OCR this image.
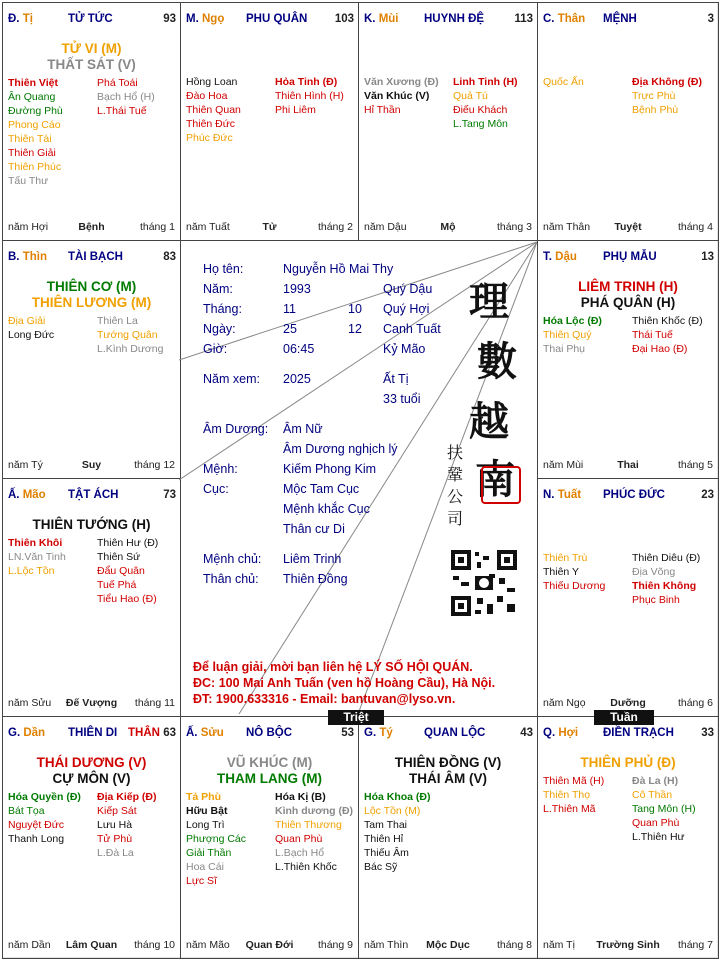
Đ. Tị	TỬ TỨC	93
TỬ VI (M)
THẤT SÁT (V)
Thiên Việt
Ân Quang
Đường Phù
Phong Cáo
Thiên Tài
Thiên Giải
Thiên Phúc
Tấu Thư
Phá Toái
Bạch Hổ (H)
L.Thái Tuế
năm Hợi	Bệnh	tháng 1
M. Ngọ PHU QUÂN 103
Hồng Loan
Đào Hoa
Thiên Quan
Thiên Đức
Phúc Đức
Hỏa Tinh (Đ)
Thiên Hình (H)
Phi Liêm
năm Tuất	Tử	tháng 2
K. Mùi HUYNH ĐỆ	113
Văn Xương (Đ)
Văn Khúc (V)
Hỉ Thần
Linh Tinh (H)
Quả Tú
Điếu Khách
L.Tang Môn
năm Dậu	Mộ	tháng 3
C. Thân MỆNH	3
Quốc Ấn	Địa Không (Đ)
Trực Phù
Bệnh Phù
năm Thân	Tuyệt	tháng 4
B. Thìn TÀI BẠCH	83
THIÊN CƠ (M)
THIÊN LƯƠNG (M)
Địa Giải
Long Đức
Thiên La
Tướng Quân
L.Kình Dương
năm Tý	Suy	tháng 12
T. Dậu PHỤ MẪU	13
LIÊM TRINH (H)
PHÁ QUÂN (H)
Hóa Lộc (Đ)
Thiên Quý
Thai Phụ
Thiên Khốc (Đ)
Thái Tuế
Đại Hao (Đ)
năm Mùi	Thai	tháng 5
Ấ. Mão TẬT ÁCH	73
THIÊN TƯỚNG (H)
Thiên Khôi
LN.Văn Tinh
L.Lộc Tồn
Thiên Hư (Đ)
Thiên Sứ
Đẩu Quân
Tuế Phá
Tiểu Hao (Đ)
năm Sửu	Đế Vượng	tháng 11
N. Tuất PHÚC ĐỨC	23
Thiên Trù
Thiên Y
Thiếu Dương
Thiên Diêu (Đ)
Địa Võng
Thiên Không
Phục Binh
năm Ngọ	Dưỡng	tháng 6
G. Dần THIÊN DI THÂN 63
THÁI DƯƠNG (V)
CỰ MÔN (V)
Hóa Quyền (Đ)
Bát Tọa
Nguyệt Đức
Thanh Long
Địa Kiếp (Đ)
Kiếp Sát
Lưu Hà
Tử Phù
L.Đà La
năm Dần	Lâm Quan	tháng 10
Ấ. Sửu NÔ BỘC	53
VŨ KHÚC (M)
THAM LANG (M)
Tả Phù
Hữu Bật
Long Trì
Phượng Các
Giải Thần
Hoa Cái
Lực Sĩ
Hóa Kị (B)
Kình dương (Đ)
Thiên Thương
Quan Phù
L.Bạch Hổ
L.Thiên Khốc
năm Mão	Quan Đới	tháng 9
G. Tý	QUAN LỘC	43
THIÊN ĐỒNG (V)
THÁI ÂM (V)
Hóa Khoa (Đ)
Lộc Tồn (M)
Tam Thai
Thiên Hỉ
Thiếu Âm
Bác Sỹ
năm Thìn	Mộc Dục	tháng 8
Q. Hợi ĐIỀN TRẠCH 33
THIÊN PHỦ (Đ)
Thiên Mã (H)
Thiên Thọ
L.Thiên Mã
Đà La (H)
Cô Thần
Tang Môn (H)
Quan Phù
L.Thiên Hư
năm Tị	Trường Sinh	tháng 7
Họ tên:	Nguyễn Hồ Mai Thy
Năm:	1993	Quý Dậu
Tháng:	11	10 Quý Hợi
Ngày:	25	12 Canh Tuất
Giờ:	06:45	Kỷ Mão
Năm xem: 2025	Ất Tị
33 tuổi
Âm Dương: Âm Nữ
Âm Dương nghịch lý
Mệnh:	Kiếm Phong Kim
Cục:	Mộc Tam Cục
Mệnh khắc Cục
Thân cư Di
Mệnh chủ: Liêm Trinh
Thân chủ: Thiên Đồng
理
數
越
南
扶
鞏
公
司
Để luận giải, mời bạn liên hệ LÝ SỐ HỘI QUÁN.
ĐC: 100 Mai Anh Tuấn (ven hồ Hoàng Cầu), Hà Nội.
ĐT: 1900.633316 - Email: bantuvan@lyso.vn.
Triệt	Tuần
